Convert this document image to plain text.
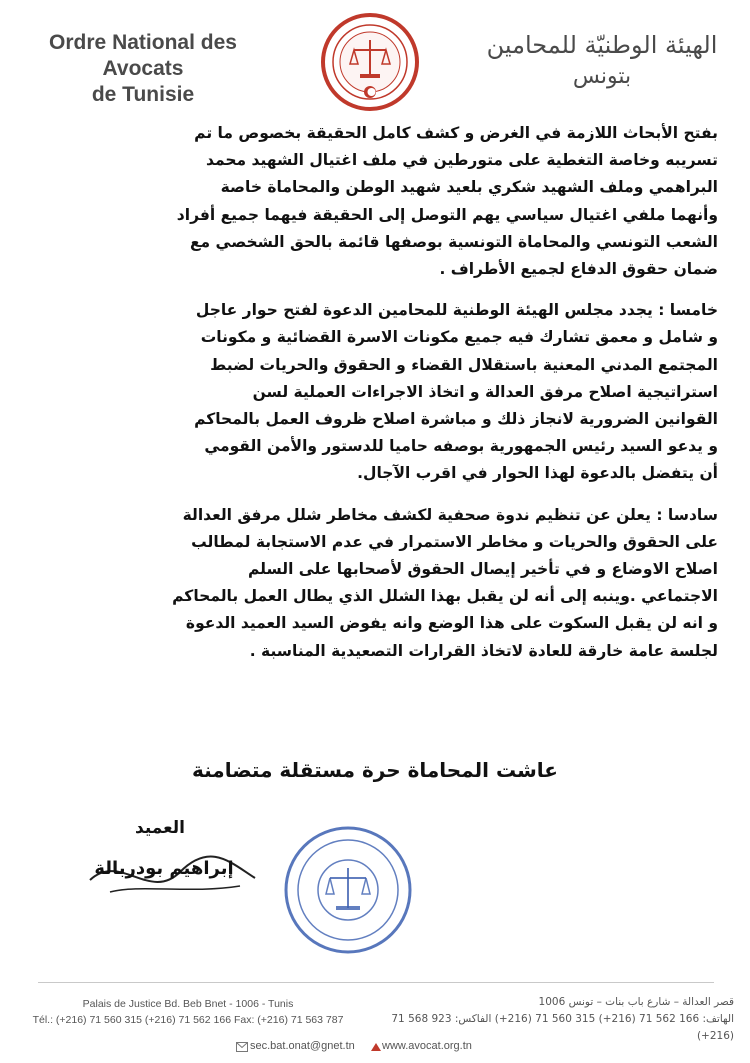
Ordre National des Avocats
de Tunisie
الهيئة الوطنيّة للمحامين
بتونس

بفتح الأبحاث اللازمة في الغرض و كشف كامل الحقيقة بخصوص ما تم

تسريبه وخاصة التغطية على متورطين في ملف اغتيال الشهيد محمد

البراهمي وملف الشهيد شكري بلعيد شهيد الوطن والمحاماة خاصة

وأنهما ملفي اغتيال سياسي يهم التوصل إلى الحقيقة فيهما جميع أفراد

الشعب التونسي والمحاماة التونسية بوصفها قائمة بالحق الشخصي مع

ضمان حقوق الدفاع لجميع الأطراف .

خامسا : يجدد مجلس الهيئة الوطنية للمحامين الدعوة لفتح حوار عاجل

و شامل و معمق تشارك فيه جميع مكونات الاسرة القضائية و مكونات

المجتمع المدني المعنية باستقلال القضاء و الحقوق والحريات لضبط

استراتيجية اصلاح مرفق العدالة و اتخاذ الاجراءات العملية لسن

القوانين الضرورية لانجاز ذلك و مباشرة اصلاح ظروف العمل بالمحاكم

و يدعو السيد رئيس الجمهورية بوصفه حاميا للدستور والأمن القومي

أن يتفضل بالدعوة لهذا الحوار في اقرب الآجال.

سادسا : يعلن عن تنظيم ندوة صحفية لكشف مخاطر شلل مرفق العدالة

على الحقوق والحريات و مخاطر الاستمرار في عدم الاستجابة لمطالب

اصلاح الاوضاع و في تأخير إيصال الحقوق لأصحابها على السلم

الاجتماعي .وينبه إلى أنه لن يقبل بهذا الشلل الذي يطال العمل بالمحاكم

و انه لن يقبل السكوت على هذا الوضع وانه يفوض السيد العميد الدعوة

لجلسة عامة خارقة للعادة لاتخاذ القرارات التصعيدية المناسبة .

عاشت المحاماة حرة مستقلة متضامنة
العميد
إبراهيم بودربالة
Palais de Justice Bd. Beb Bnet - 1006 - Tunis
Tél.: (+216) 71 560 315 (+216) 71 562 166 Fax: (+216) 71 563 787
قصر العدالة – شارع باب بنات – تونس 1006
الهاتف: 166 562 71 (216+) 315 560 71 (216+) الفاكس: 923 568 71 (216+)
sec.bat.onat@gnet.tn	www.avocat.org.tn
